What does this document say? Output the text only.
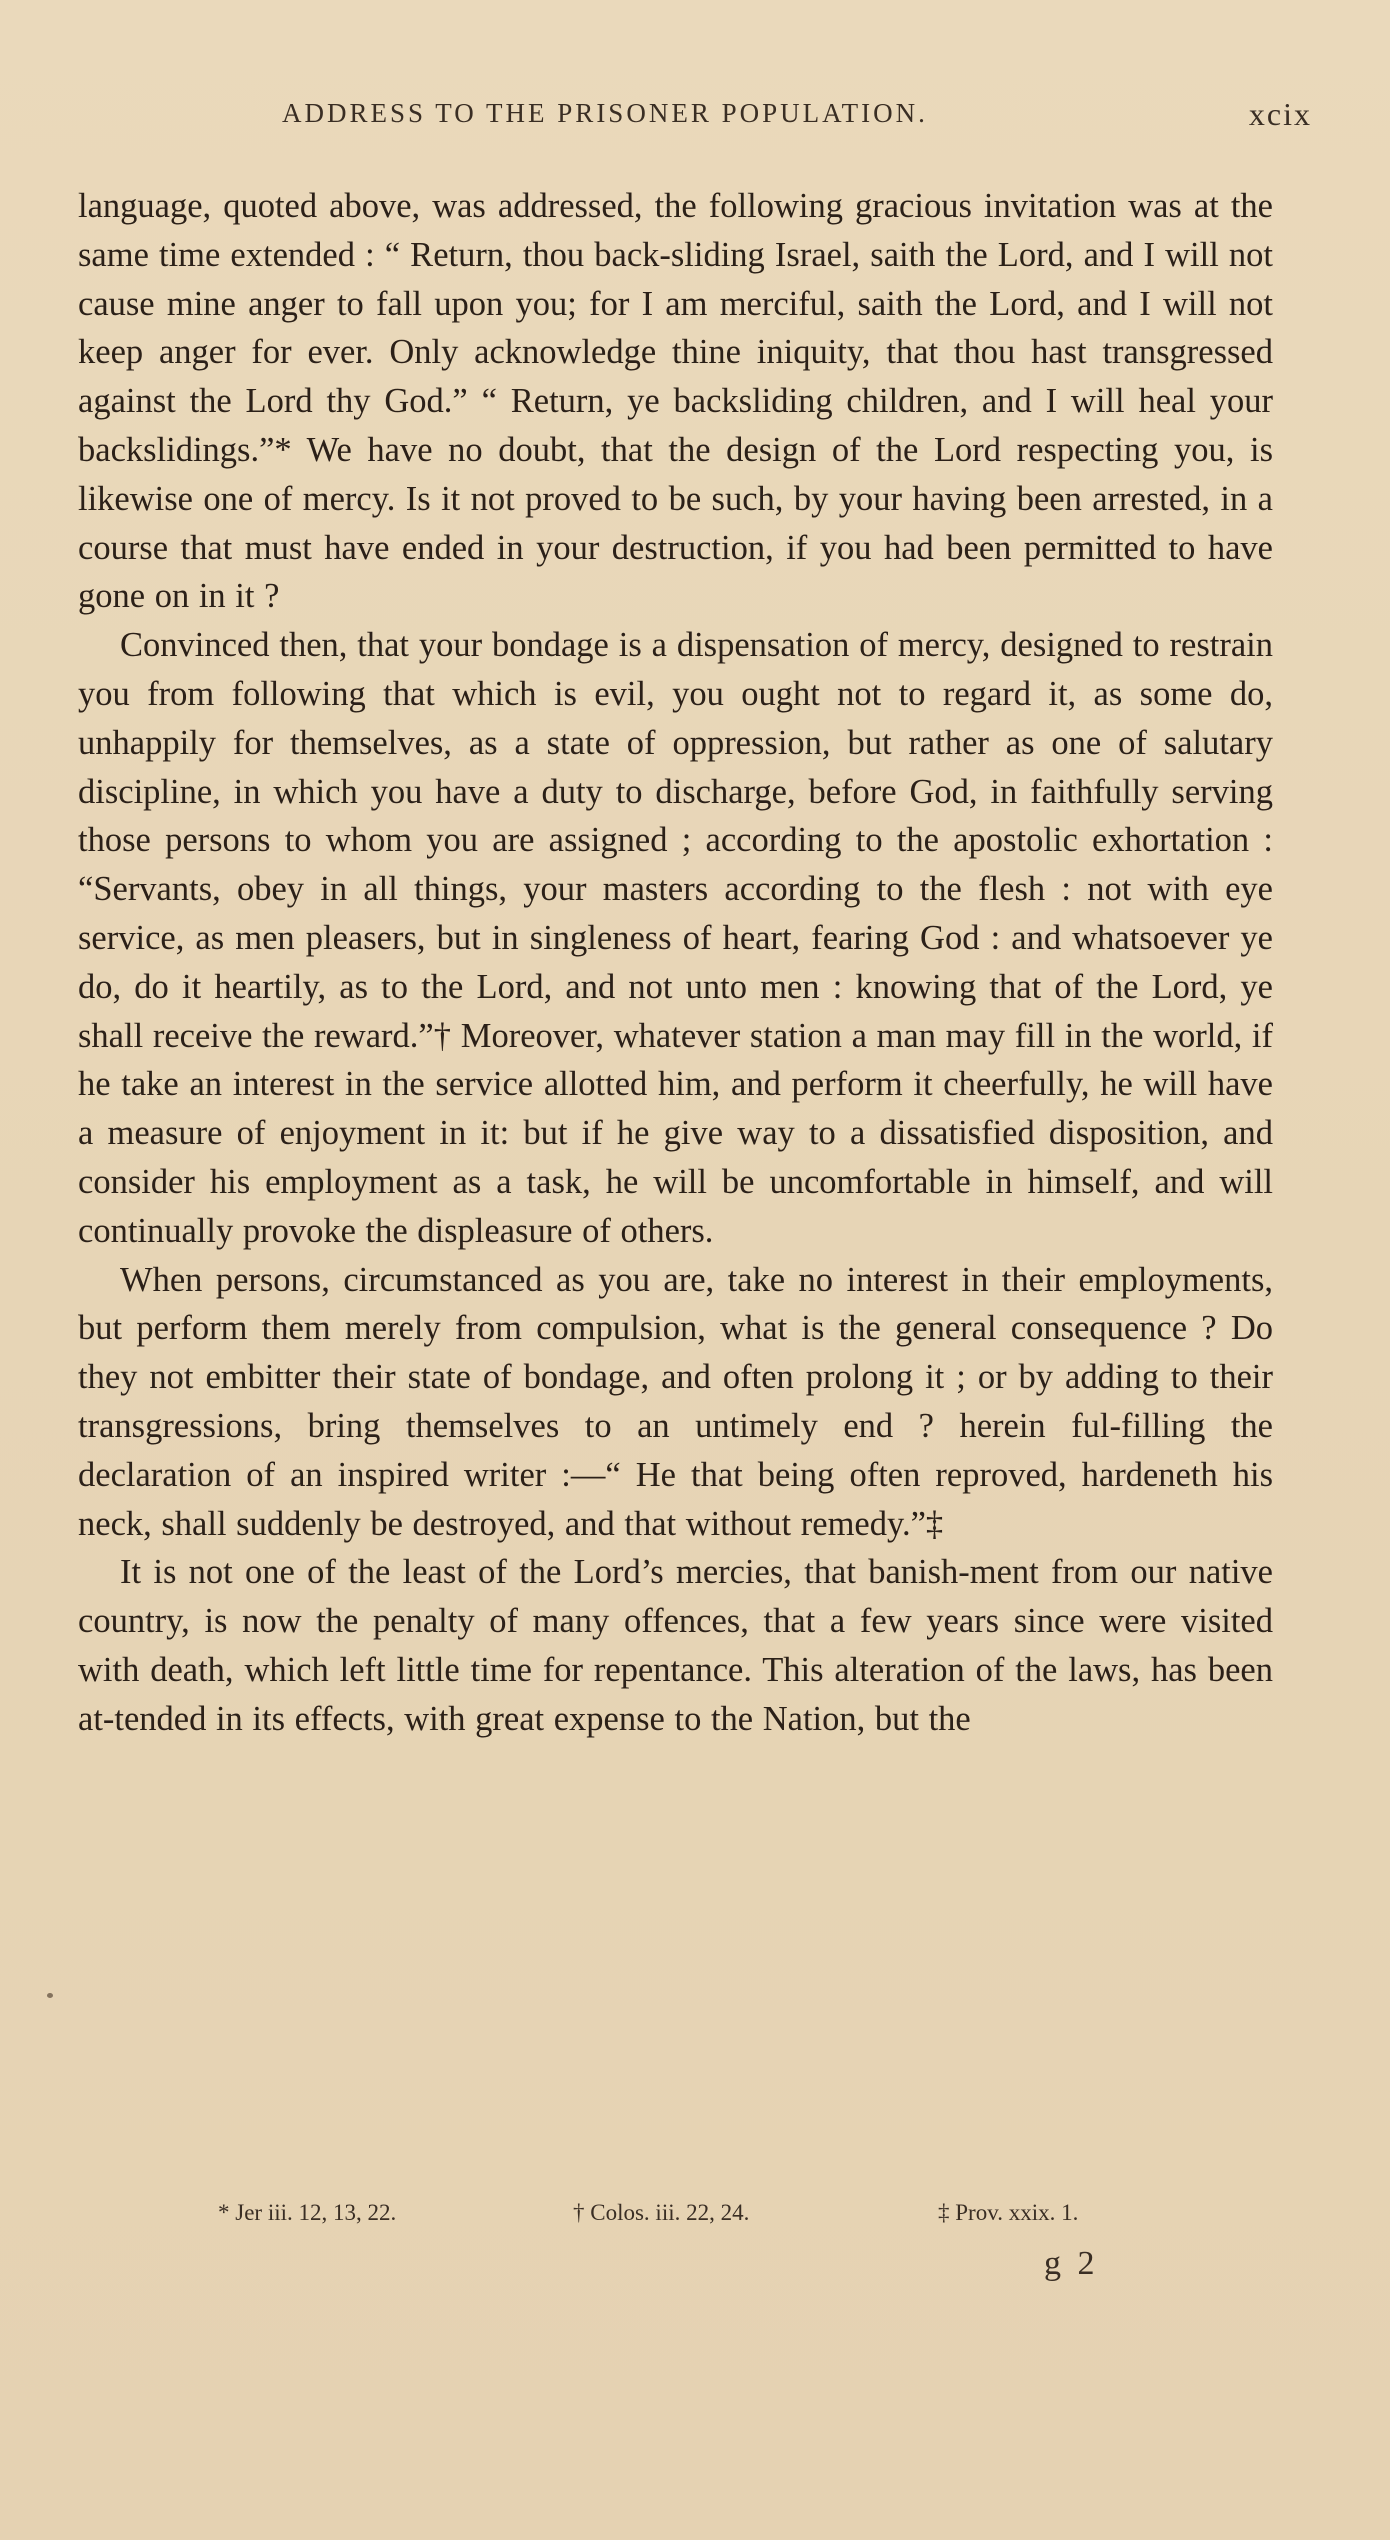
ADDRESS TO THE PRISONER POPULATION.	xcix

language, quoted above, was addressed, the following gracious invitation was at the same time extended : “ Return, thou back-sliding Israel, saith the Lord, and I will not cause mine anger to fall upon you; for I am merciful, saith the Lord, and I will not keep anger for ever. Only acknowledge thine iniquity, that thou hast transgressed against the Lord thy God.” “ Return, ye backsliding children, and I will heal your backslidings.”* We have no doubt, that the design of the Lord respecting you, is likewise one of mercy. Is it not proved to be such, by your having been arrested, in a course that must have ended in your destruction, if you had been permitted to have gone on in it ?

Convinced then, that your bondage is a dispensation of mercy, designed to restrain you from following that which is evil, you ought not to regard it, as some do, unhappily for themselves, as a state of oppression, but rather as one of salutary discipline, in which you have a duty to discharge, before God, in faithfully serving those persons to whom you are assigned ; according to the apostolic exhortation : “Servants, obey in all things, your masters according to the flesh : not with eye service, as men pleasers, but in singleness of heart, fearing God : and whatsoever ye do, do it heartily, as to the Lord, and not unto men : knowing that of the Lord, ye shall receive the reward.”† Moreover, whatever station a man may fill in the world, if he take an interest in the service allotted him, and perform it cheerfully, he will have a measure of enjoyment in it: but if he give way to a dissatisfied disposition, and consider his employment as a task, he will be uncomfortable in himself, and will continually provoke the displeasure of others.

When persons, circumstanced as you are, take no interest in their employments, but perform them merely from compulsion, what is the general consequence ? Do they not embitter their state of bondage, and often prolong it ; or by adding to their transgressions, bring themselves to an untimely end ? herein ful-filling the declaration of an inspired writer :—“ He that being often reproved, hardeneth his neck, shall suddenly be destroyed, and that without remedy.”‡

It is not one of the least of the Lord’s mercies, that banish-ment from our native country, is now the penalty of many offences, that a few years since were visited with death, which left little time for repentance. This alteration of the laws, has been at-tended in its effects, with great expense to the Nation, but the

* Jer iii. 12, 13, 22.	† Colos. iii. 22, 24.	‡ Prov. xxix. 1.
g 2
